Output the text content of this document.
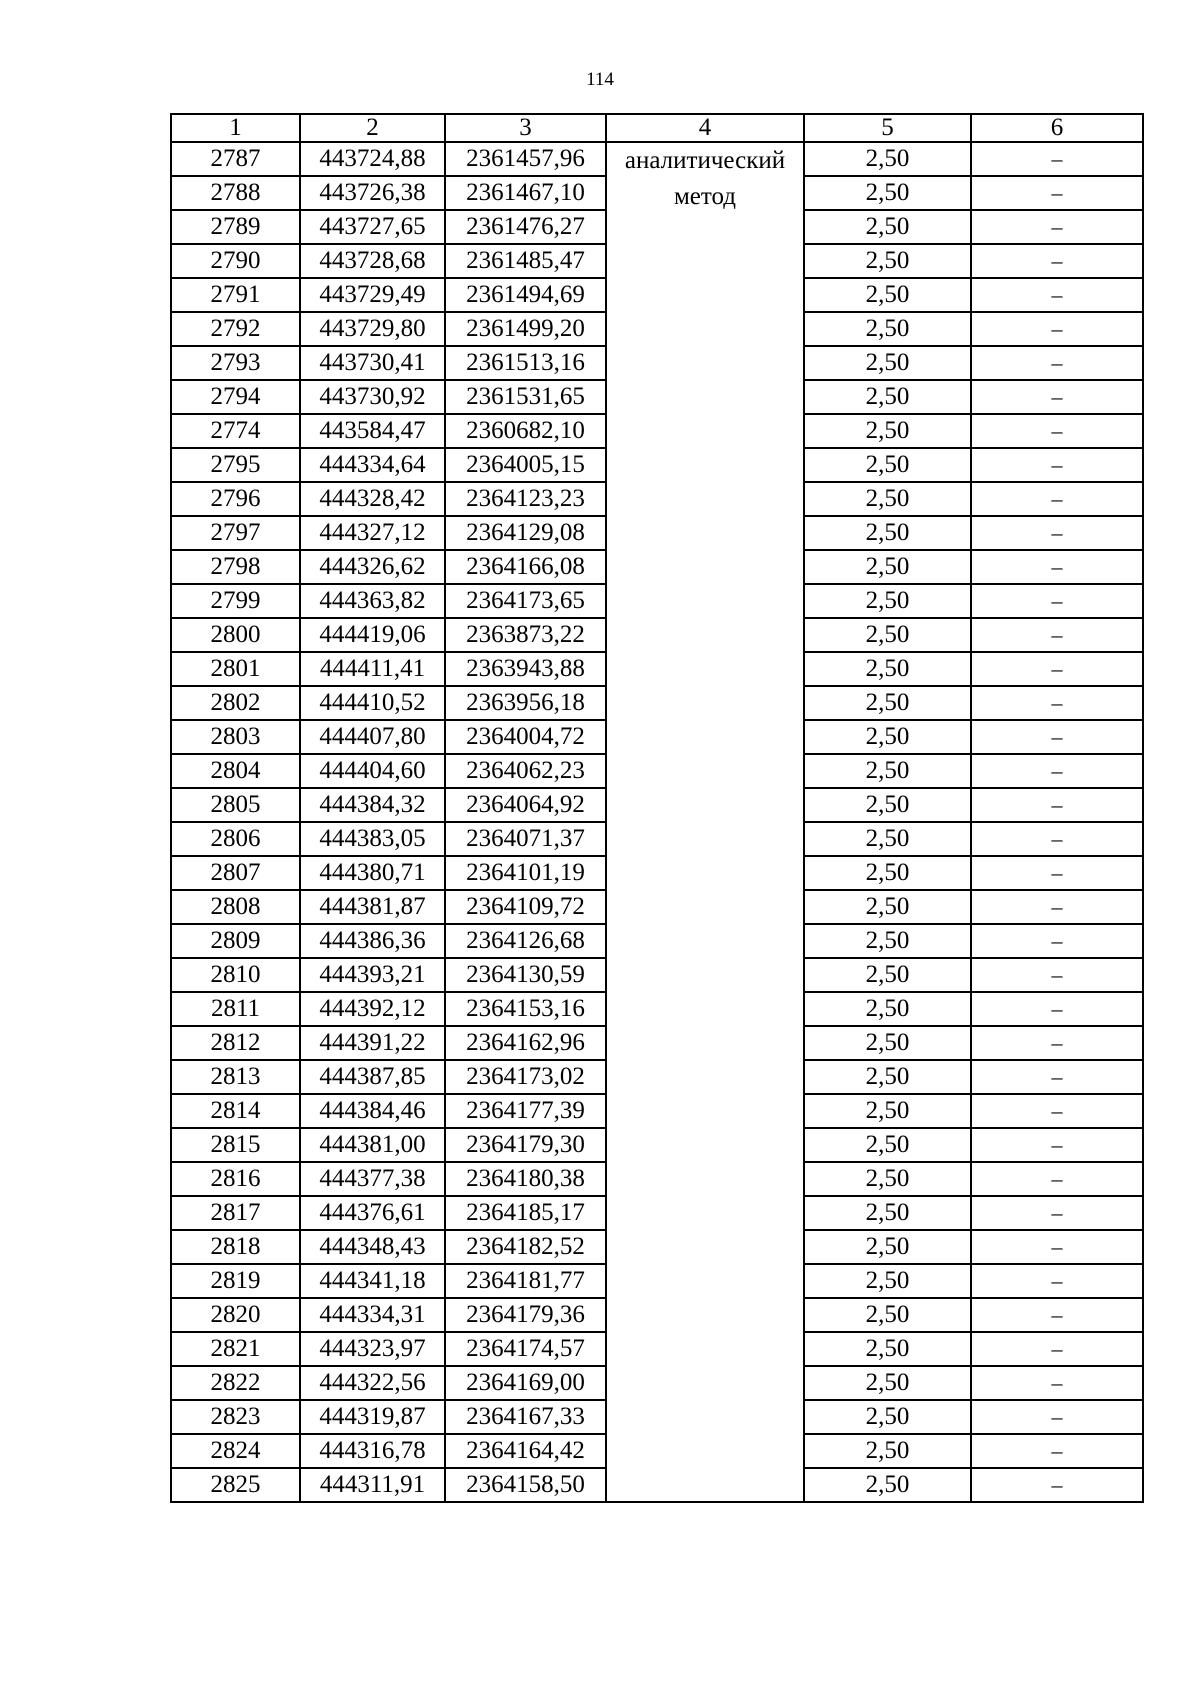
114
1	2	3	4	5	6
2787	443724,88	2361457,96	аналитический метод	2,50	–
2788	443726,38	2361467,10		2,50	–
2789	443727,65	2361476,27		2,50	–
2790	443728,68	2361485,47		2,50	–
2791	443729,49	2361494,69		2,50	–
2792	443729,80	2361499,20		2,50	–
2793	443730,41	2361513,16		2,50	–
2794	443730,92	2361531,65		2,50	–
2774	443584,47	2360682,10		2,50	–
2795	444334,64	2364005,15		2,50	–
2796	444328,42	2364123,23		2,50	–
2797	444327,12	2364129,08		2,50	–
2798	444326,62	2364166,08		2,50	–
2799	444363,82	2364173,65		2,50	–
2800	444419,06	2363873,22		2,50	–
2801	444411,41	2363943,88		2,50	–
2802	444410,52	2363956,18		2,50	–
2803	444407,80	2364004,72		2,50	–
2804	444404,60	2364062,23		2,50	–
2805	444384,32	2364064,92		2,50	–
2806	444383,05	2364071,37		2,50	–
2807	444380,71	2364101,19		2,50	–
2808	444381,87	2364109,72		2,50	–
2809	444386,36	2364126,68		2,50	–
2810	444393,21	2364130,59		2,50	–
2811	444392,12	2364153,16		2,50	–
2812	444391,22	2364162,96		2,50	–
2813	444387,85	2364173,02		2,50	–
2814	444384,46	2364177,39		2,50	–
2815	444381,00	2364179,30		2,50	–
2816	444377,38	2364180,38		2,50	–
2817	444376,61	2364185,17		2,50	–
2818	444348,43	2364182,52		2,50	–
2819	444341,18	2364181,77		2,50	–
2820	444334,31	2364179,36		2,50	–
2821	444323,97	2364174,57		2,50	–
2822	444322,56	2364169,00		2,50	–
2823	444319,87	2364167,33		2,50	–
2824	444316,78	2364164,42		2,50	–
2825	444311,91	2364158,50		2,50	–
